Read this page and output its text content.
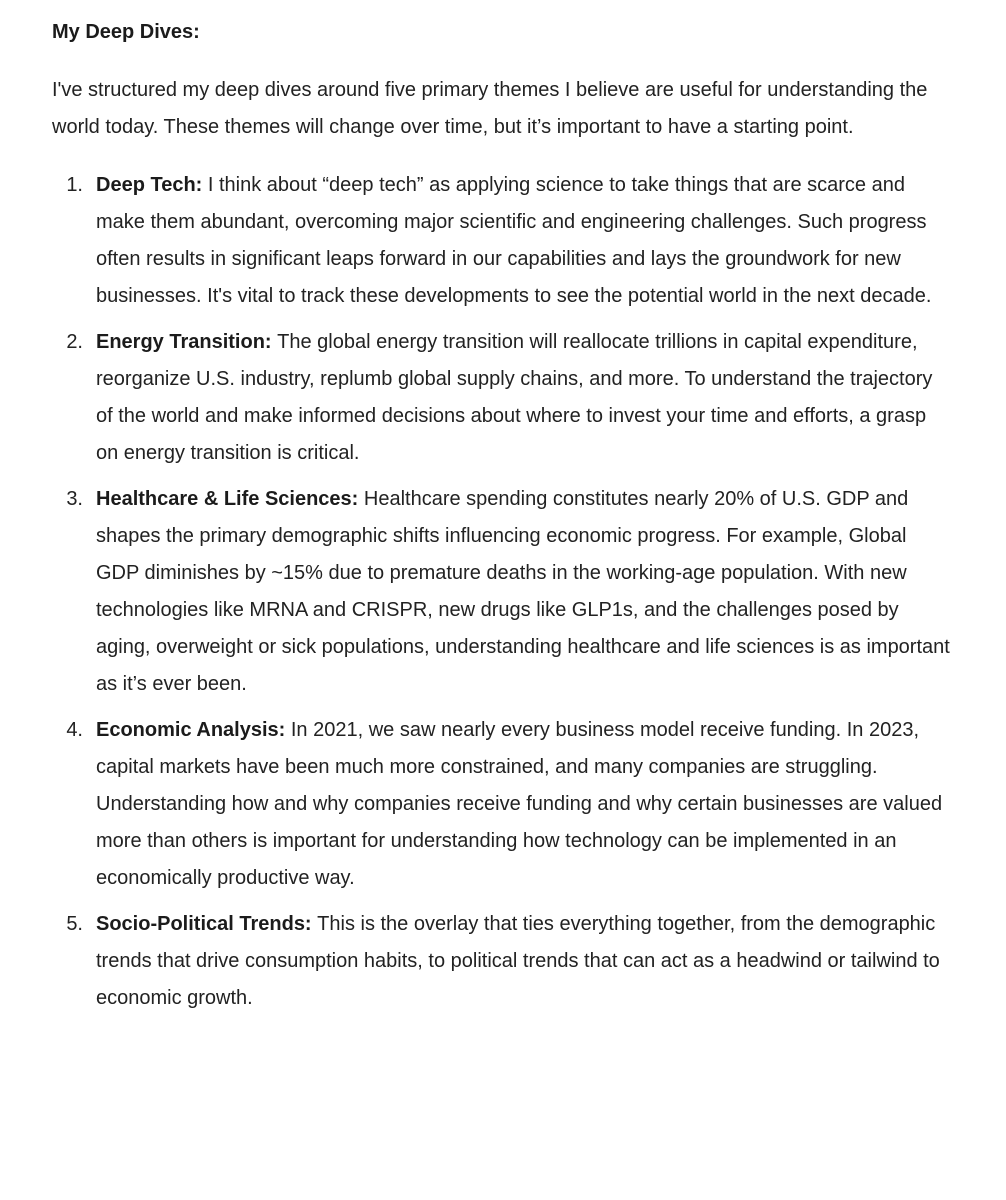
My Deep Dives:

I've structured my deep dives around five primary themes I believe are useful for understanding the world today. These themes will change over time, but it’s important to have a starting point.

1. Deep Tech: I think about “deep tech” as applying science to take things that are scarce and make them abundant, overcoming major scientific and engineering challenges. Such progress often results in significant leaps forward in our capabilities and lays the groundwork for new businesses. It's vital to track these developments to see the potential world in the next decade.
2. Energy Transition: The global energy transition will reallocate trillions in capital expenditure, reorganize U.S. industry, replumb global supply chains, and more. To understand the trajectory of the world and make informed decisions about where to invest your time and efforts, a grasp on energy transition is critical.
3. Healthcare & Life Sciences: Healthcare spending constitutes nearly 20% of U.S. GDP and shapes the primary demographic shifts influencing economic progress. For example, Global GDP diminishes by ~15% due to premature deaths in the working-age population. With new technologies like MRNA and CRISPR, new drugs like GLP1s, and the challenges posed by aging, overweight or sick populations, understanding healthcare and life sciences is as important as it’s ever been.
4. Economic Analysis: In 2021, we saw nearly every business model receive funding. In 2023, capital markets have been much more constrained, and many companies are struggling. Understanding how and why companies receive funding and why certain businesses are valued more than others is important for understanding how technology can be implemented in an economically productive way.
5. Socio-Political Trends: This is the overlay that ties everything together, from the demographic trends that drive consumption habits, to political trends that can act as a headwind or tailwind to economic growth.
